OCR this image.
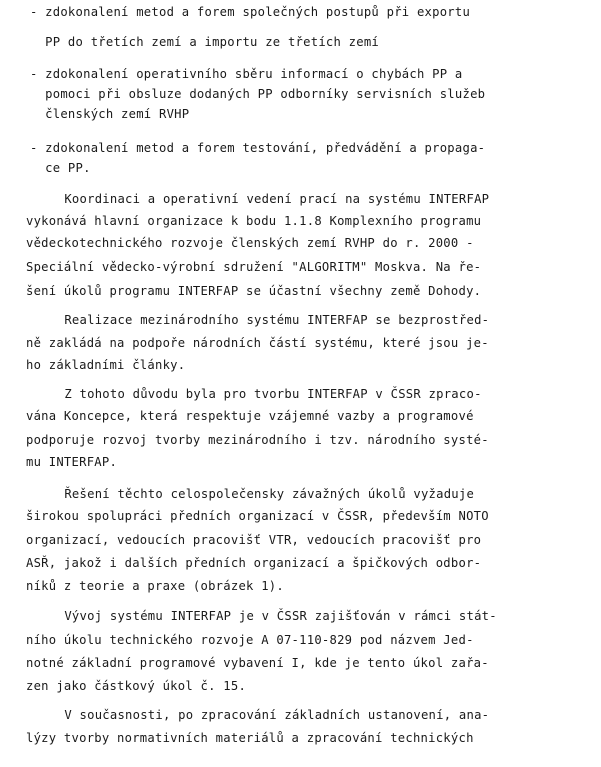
- zdokonalení metod a forem společných postupů při exportu
PP do třetích zemí a importu ze třetích zemí
- zdokonalení operativního sběru informací o chybách PP a
pomoci při obsluze dodaných PP odborníky servisních služeb
členských zemí RVHP
- zdokonalení metod a forem testování, předvádění a propaga-
ce PP.
Koordinaci a operativní vedení prací na systému INTERFAP
vykonává hlavní organizace k bodu 1.1.8 Komplexního programu
vědeckotechnického rozvoje členských zemí RVHP do r. 2000 -
Speciální vědecko-výrobní sdružení "ALGORITM" Moskva. Na ře-
šení úkolů programu INTERFAP se účastní všechny země Dohody.
Realizace mezinárodního systému INTERFAP se bezprostřed-
ně zakládá na podpoře národních částí systému, které jsou je-
ho základními články.
Z tohoto důvodu byla pro tvorbu INTERFAP v ČSSR zpraco-
vána Koncepce, která respektuje vzájemné vazby a programové
podporuje rozvoj tvorby mezinárodního i tzv. národního systé-
mu INTERFAP.
Řešení těchto celospolečensky závažných úkolů vyžaduje
širokou spolupráci předních organizací v ČSSR, především NOTO
organizací, vedoucích pracovišť VTR, vedoucích pracovišť pro
ASŘ, jakož i dalších předních organizací a špičkových odbor-
níků z teorie a praxe (obrázek 1).
Vývoj systému INTERFAP je v ČSSR zajišťován v rámci stát-
ního úkolu technického rozvoje A 07-110-829 pod názvem Jed-
notné základní programové vybavení I, kde je tento úkol zařa-
zen jako částkový úkol č. 15.
V současnosti, po zpracování základních ustanovení, ana-
lýzy tvorby normativních materiálů a zpracování technických
